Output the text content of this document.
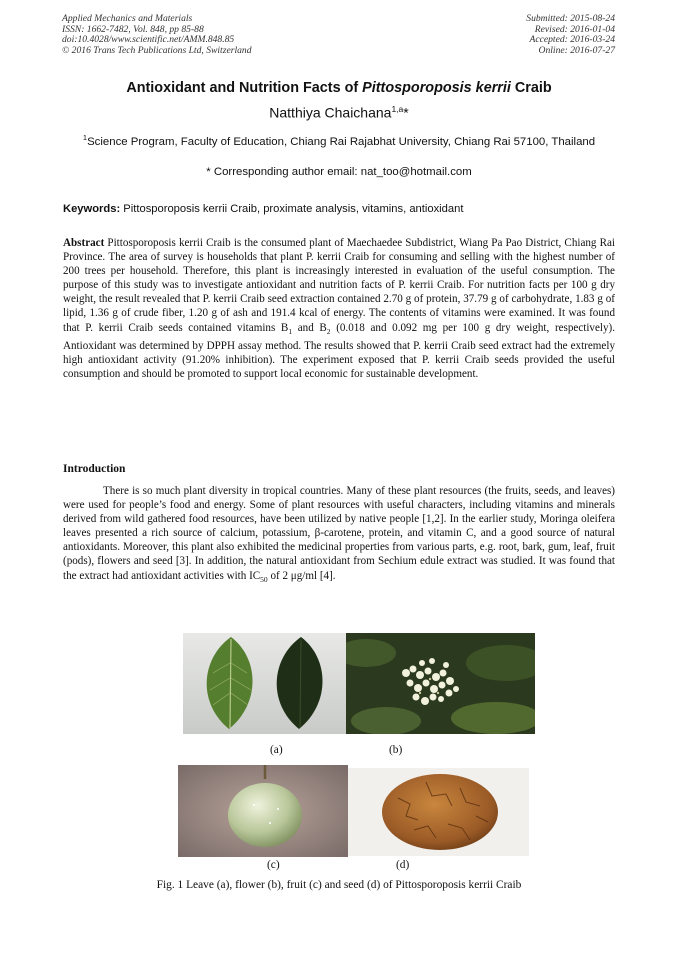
Applied Mechanics and Materials
ISSN: 1662-7482, Vol. 848, pp 85-88
doi:10.4028/www.scientific.net/AMM.848.85
© 2016 Trans Tech Publications Ltd, Switzerland
Submitted: 2015-08-24
Revised: 2016-01-04
Accepted: 2016-03-24
Online: 2016-07-27
Antioxidant and Nutrition Facts of Pittosporoposis kerrii Craib
Natthiya Chaichana$^{1,a}$*
$^1$Science Program, Faculty of Education, Chiang Rai Rajabhat University, Chiang Rai 57100, Thailand
* Corresponding author email: nat_too@hotmail.com
Keywords: Pittosporoposis kerrii Craib, proximate analysis, vitamins, antioxidant
Abstract Pittosporoposis kerrii Craib is the consumed plant of Maechaedee Subdistrict, Wiang Pa Pao District, Chiang Rai Province. The area of survey is households that plant P. kerrii Craib for consuming and selling with the highest number of 200 trees per household. Therefore, this plant is increasingly interested in evaluation of the useful consumption. The purpose of this study was to investigate antioxidant and nutrition facts of P. kerrii Craib. For nutrition facts per 100 g dry weight, the result revealed that P. kerrii Craib seed extraction contained 2.70 g of protein, 37.79 g of carbohydrate, 1.83 g of lipid, 1.36 g of crude fiber, 1.20 g of ash and 191.4 kcal of energy. The contents of vitamins were examined. It was found that P. kerrii Craib seeds contained vitamins $B_1$ and $B_2$ (0.018 and 0.092 mg per 100 g dry weight, respectively). Antioxidant was determined by DPPH assay method. The results showed that P. kerrii Craib seed extract had the extremely high antioxidant activity (91.20% inhibition). The experiment exposed that P. kerrii Craib seeds provided the useful consumption and should be promoted to support local economic for sustainable development.
Introduction
There is so much plant diversity in tropical countries. Many of these plant resources (the fruits, seeds, and leaves) were used for people’s food and energy. Some of plant resources with useful characters, including vitamins and minerals derived from wild gathered food resources, have been utilized by native people [1,2]. In the earlier study, Moringa oleifera leaves presented a rich source of calcium, potassium, β-carotene, protein, and vitamin C, and a good source of natural antioxidants. Moreover, this plant also exhibited the medicinal properties from various parts, e.g. root, bark, gum, leaf, fruit (pods), flowers and seed [3]. In addition, the natural antioxidant from Sechium edule extract was studied. It was found that the extract had antioxidant activities with $IC_{50}$ of 2 μg/ml [4].
(a)	(b)
(c)	(d)
Fig. 1 Leave (a), flower (b), fruit (c) and seed (d) of Pittosporoposis kerrii Craib
